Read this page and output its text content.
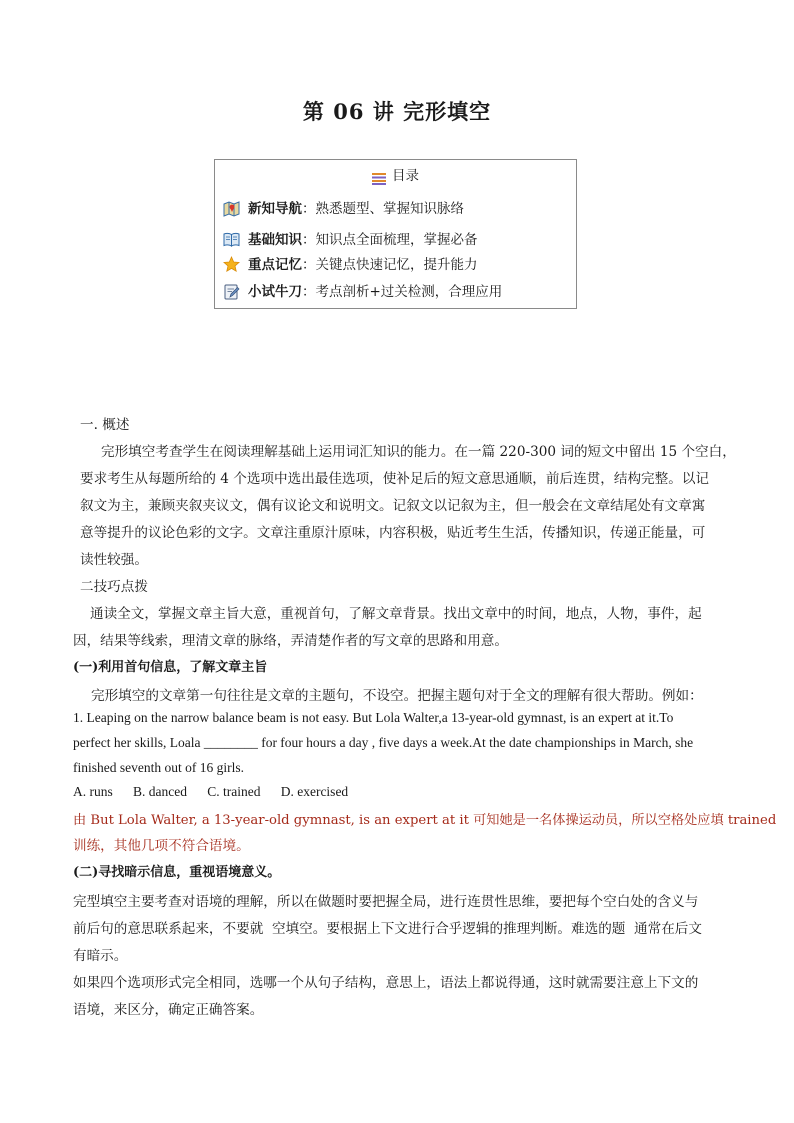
第 06 讲 完形填空
目录
新知导航：熟悉题型、掌握知识脉络
基础知识：知识点全面梳理，掌握必备
重点记忆：关键点快速记忆，提升能力
小试牛刀：考点剖析+过关检测，合理应用
一. 概述
完形填空考查学生在阅读理解基础上运用词汇知识的能力。在一篇 220-300 词的短文中留出 15 个空白，
要求考生从每题所给的 4 个选项中选出最佳选项，使补足后的短文意思通顺，前后连贯，结构完整。以记
叙文为主，兼顾夹叙夹议文，偶有议论文和说明文。记叙文以记叙为主，但一般会在文章结尾处有文章寓
意等提升的议论色彩的文字。文章注重原汁原味，内容积极，贴近考生生活，传播知识，传递正能量，可
读性较强。
二技巧点拨
通读全文，掌握文章主旨大意，重视首句，了解文章背景。找出文章中的时间，地点，人物，事件，起
因，结果等线索，理清文章的脉络，弄清楚作者的写文章的思路和用意。
(一)利用首句信息，了解文章主旨
完形填空的文章第一句往往是文章的主题句，不设空。把握主题句对于全文的理解有很大帮助。例如：
1. Leaping on the narrow balance beam is not easy. But Lola Walter,a 13-year-old gymnast, is an expert at it.To
perfect her skills, Loala ________ for four hours a day , five days a week.At the date championships in March, she
finished seventh out of 16 girls.
A. runs      B. danced      C. trained      D. exercised
由 But Lola Walter, a 13-year-old gymnast, is an expert at it 可知她是一名体操运动员，所以空格处应填 trained
训练，其他几项不符合语境。
(二)寻找暗示信息，重视语境意义。
完型填空主要考查对语境的理解，所以在做题时要把握全局，进行连贯性思维，要把每个空白处的含义与
前后句的意思联系起来，不要就  空填空。要根据上下文进行合乎逻辑的推理判断。难选的题  通常在后文
有暗示。
如果四个选项形式完全相同，选哪一个从句子结构，意思上，语法上都说得通，这时就需要注意上下文的
语境，来区分，确定正确答案。
